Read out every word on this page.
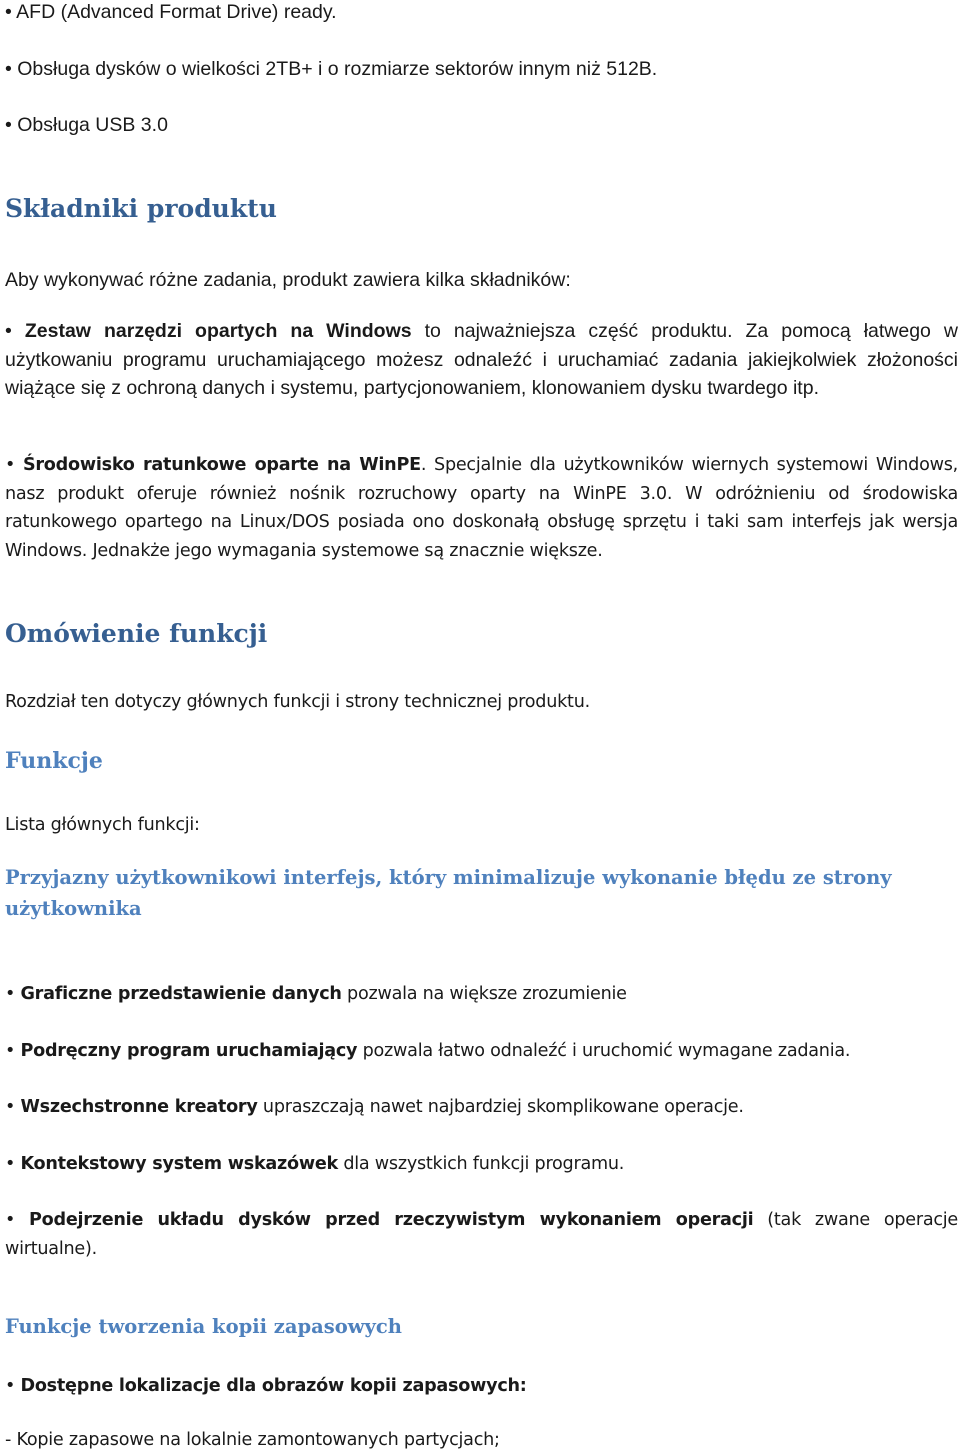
• AFD (Advanced Format Drive) ready.

• Obsługa dysków o wielkości 2TB+ i o rozmiarze sektorów innym niż 512B.

• Obsługa USB 3.0

Składniki produktu

Aby wykonywać różne zadania, produkt zawiera kilka składników:

• Zestaw narzędzi opartych na Windows to najważniejsza część produktu. Za pomocą łatwego w użytkowaniu programu uruchamiającego możesz odnaleźć i uruchamiać zadania jakiejkolwiek złożoności wiążące się z ochroną danych i systemu, partycjonowaniem, klonowaniem dysku twardego itp.

• Środowisko ratunkowe oparte na WinPE. Specjalnie dla użytkowników wiernych systemowi Windows, nasz produkt oferuje również nośnik rozruchowy oparty na WinPE 3.0. W odróżnieniu od środowiska ratunkowego opartego na Linux/DOS posiada ono doskonałą obsługę sprzętu i taki sam interfejs jak wersja Windows. Jednakże jego wymagania systemowe są znacznie większe.

Omówienie funkcji

Rozdział ten dotyczy głównych funkcji i strony technicznej produktu.

Funkcje

Lista głównych funkcji:

Przyjazny użytkownikowi interfejs, który minimalizuje wykonanie błędu ze strony użytkownika

• Graficzne przedstawienie danych pozwala na większe zrozumienie

• Podręczny program uruchamiający pozwala łatwo odnaleźć i uruchomić wymagane zadania.

• Wszechstronne kreatory upraszczają nawet najbardziej skomplikowane operacje.

• Kontekstowy system wskazówek dla wszystkich funkcji programu.

• Podejrzenie układu dysków przed rzeczywistym wykonaniem operacji (tak zwane operacje wirtualne).

Funkcje tworzenia kopii zapasowych

• Dostępne lokalizacje dla obrazów kopii zapasowych:

- Kopie zapasowe na lokalnie zamontowanych partycjach;
